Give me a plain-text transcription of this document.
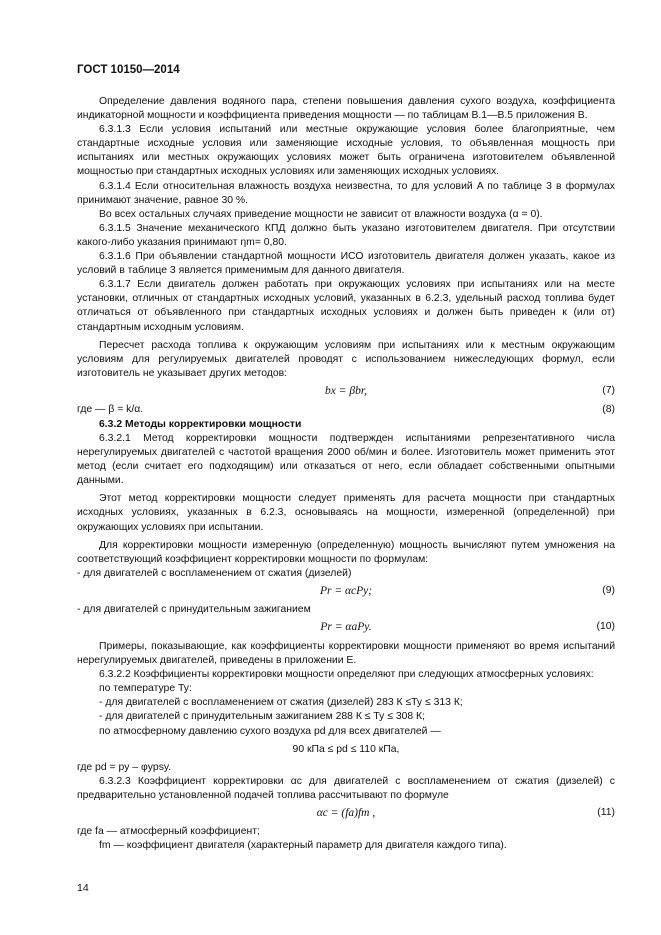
ГОСТ 10150—2014

Определение давления водяного пара, степени повышения давления сухого воздуха, коэффициента индикаторной мощности и коэффициента приведения мощности — по таблицам В.1—В.5 приложения В.

6.3.1.3 Если условия испытаний или местные окружающие условия более благоприятные, чем стандартные исходные условия или заменяющие исходные условия, то объявленная мощность при испытаниях или местных окружающих условиях может быть ограничена изготовителем объявленной мощностью при стандартных исходных условиях или заменяющих исходных условиях.

6.3.1.4 Если относительная влажность воздуха неизвестна, то для условий A по таблице 3 в формулах принимают значение, равное 30 %.

Во всех остальных случаях приведение мощности не зависит от влажности воздуха (α = 0).

6.3.1.5 Значение механического КПД должно быть указано изготовителем двигателя. При отсутствии какого-либо указания принимают ηm= 0,80.

6.3.1.6 При объявлении стандартной мощности ИСО изготовитель двигателя должен указать, какое из условий в таблице 3 является применимым для данного двигателя.

6.3.1.7 Если двигатель должен работать при окружающих условиях при испытаниях или на месте установки, отличных от стандартных исходных условий, указанных в 6.2.3, удельный расход топлива будет отличаться от объявленного при стандартных исходных условиях и должен быть приведен к (или от) стандартным исходным условиям.

Пересчет расхода топлива к окружающим условиям при испытаниях или к местным окружающим условиям для регулируемых двигателей проводят с использованием нижеследующих формул, если изготовитель не указывает других методов:

bx = βbr,	(7)
где — β = k/α.	(8)

6.3.2 Методы корректировки мощности

6.3.2.1 Метод корректировки мощности подтвержден испытаниями репрезентативного числа нерегулируемых двигателей с частотой вращения 2000 об/мин и более. Изготовитель может применить этот метод (если считает его подходящим) или отказаться от него, если обладает собственными опытными данными.

Этот метод корректировки мощности следует применять для расчета мощности при стандартных исходных условиях, указанных в 6.2.3, основываясь на мощности, измеренной (определенной) при окружающих условиях при испытании.

Для корректировки мощности измеренную (определенную) мощность вычисляют путем умножения на соответствующий коэффициент корректировки мощности по формулам:

- для двигателей с воспламенением от сжатия (дизелей)

Pr = αcPy;	(9)

- для двигателей с принудительным зажиганием

Pr = αaPy.	(10)

Примеры, показывающие, как коэффициенты корректировки мощности применяют во время испытаний нерегулируемых двигателей, приведены в приложении Е.

6.3.2.2 Коэффициенты корректировки мощности определяют при следующих атмосферных условиях:

по температуре Ty:

- для двигателей с воспламенением от сжатия (дизелей) 283 К ≤Ty ≤ 313 К;

- для двигателей с принудительным зажиганием 288 К ≤ Ty ≤ 308 К;

по атмосферному давлению сухого воздуха pd для всех двигателей —

90 кПа ≤ pd ≤ 110 кПа,

где pd = py – φypsy.

6.3.2.3 Коэффициент корректировки αc для двигателей с воспламенением от сжатия (дизелей) с предварительно установленной подачей топлива рассчитывают по формуле

αc = (fa)fm ,	(11)

где fa — атмосферный коэффициент;

fm — коэффициент двигателя (характерный параметр для двигателя каждого типа).

14
